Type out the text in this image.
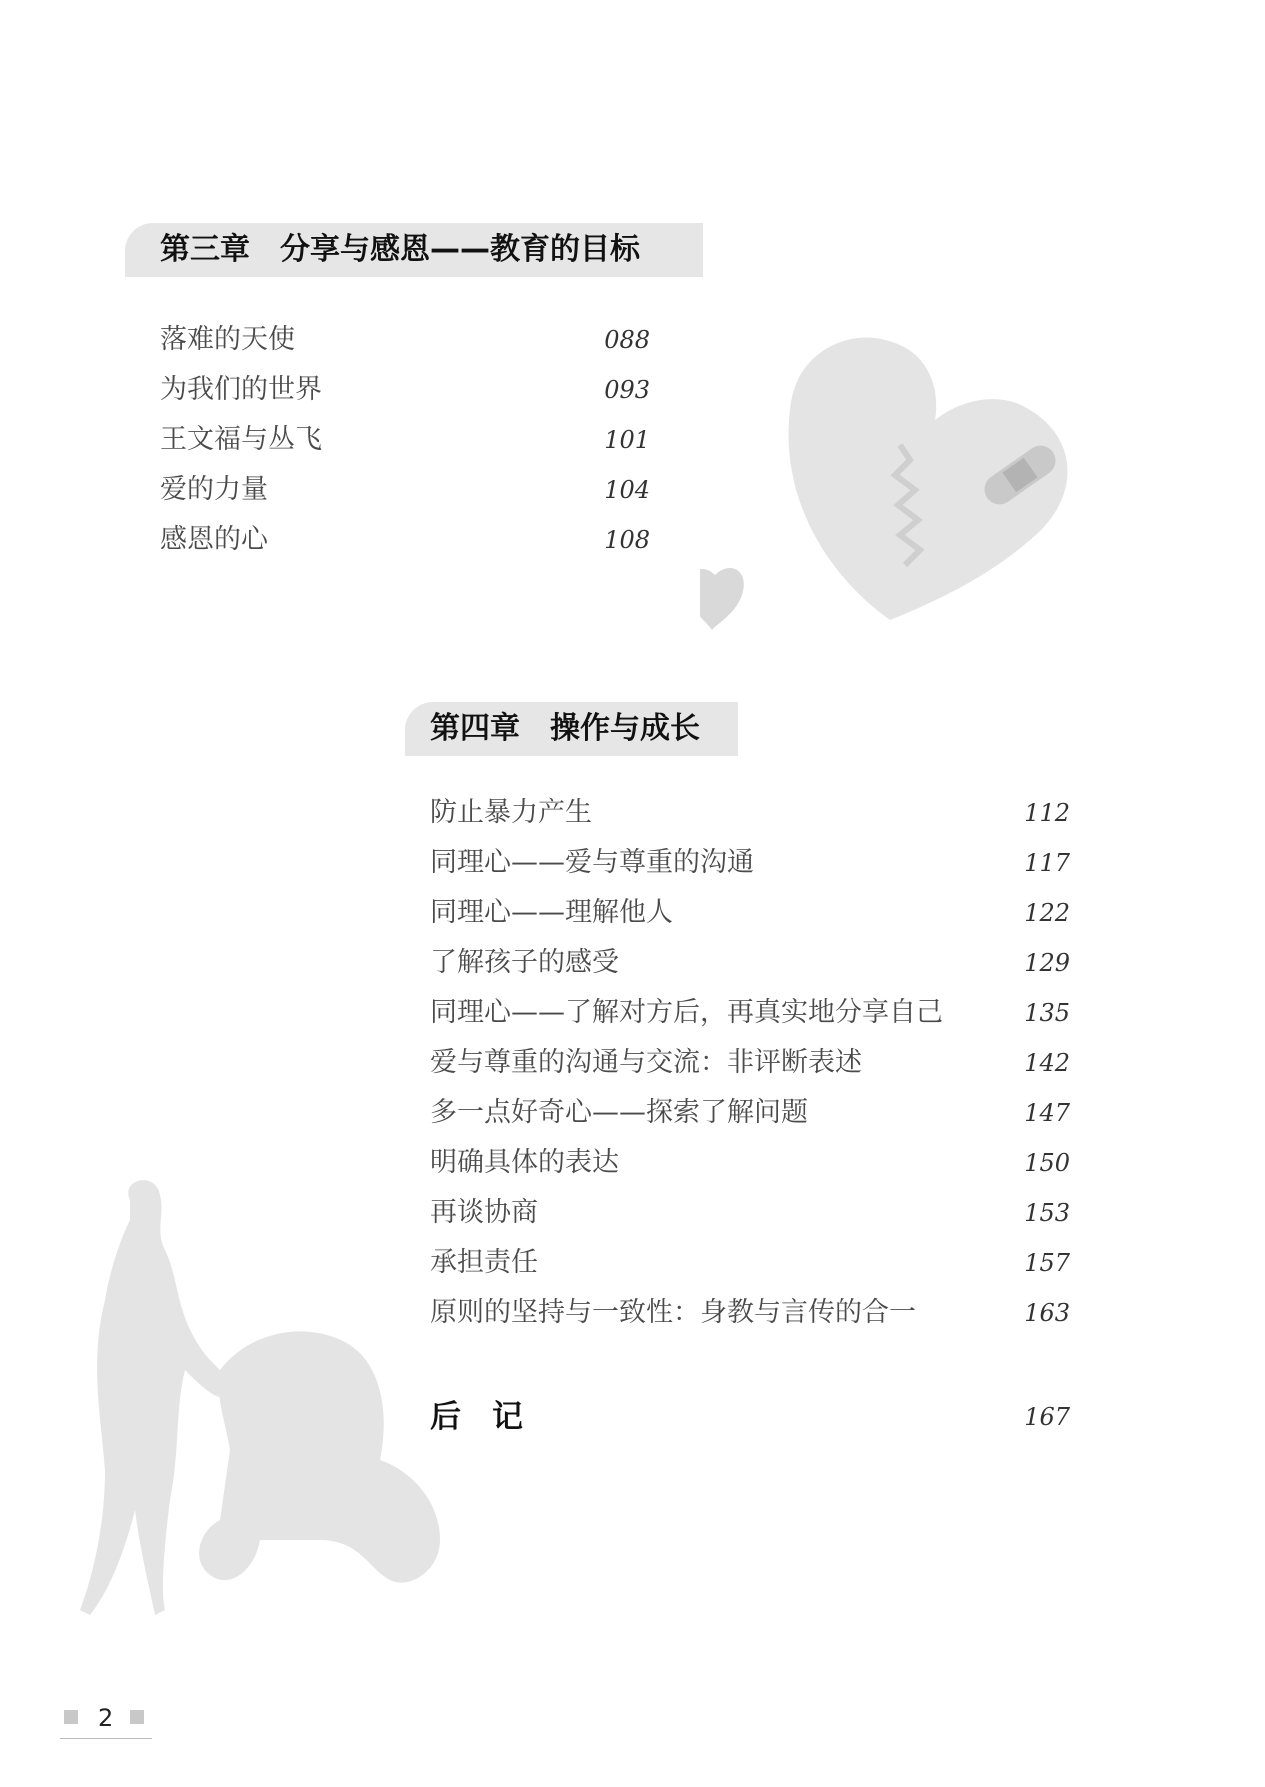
第三章　分享与感恩——教育的目标
落难的天使	088
为我们的世界	093
王文福与丛飞	101
爱的力量	104
感恩的心	108
第四章　操作与成长
防止暴力产生	112
同理心——爱与尊重的沟通	117
同理心——理解他人	122
了解孩子的感受	129
同理心——了解对方后，再真实地分享自己	135
爱与尊重的沟通与交流：非评断表述	142
多一点好奇心——探索了解问题	147
明确具体的表达	150
再谈协商	153
承担责任	157
原则的坚持与一致性：身教与言传的合一	163
后　记	167
2
